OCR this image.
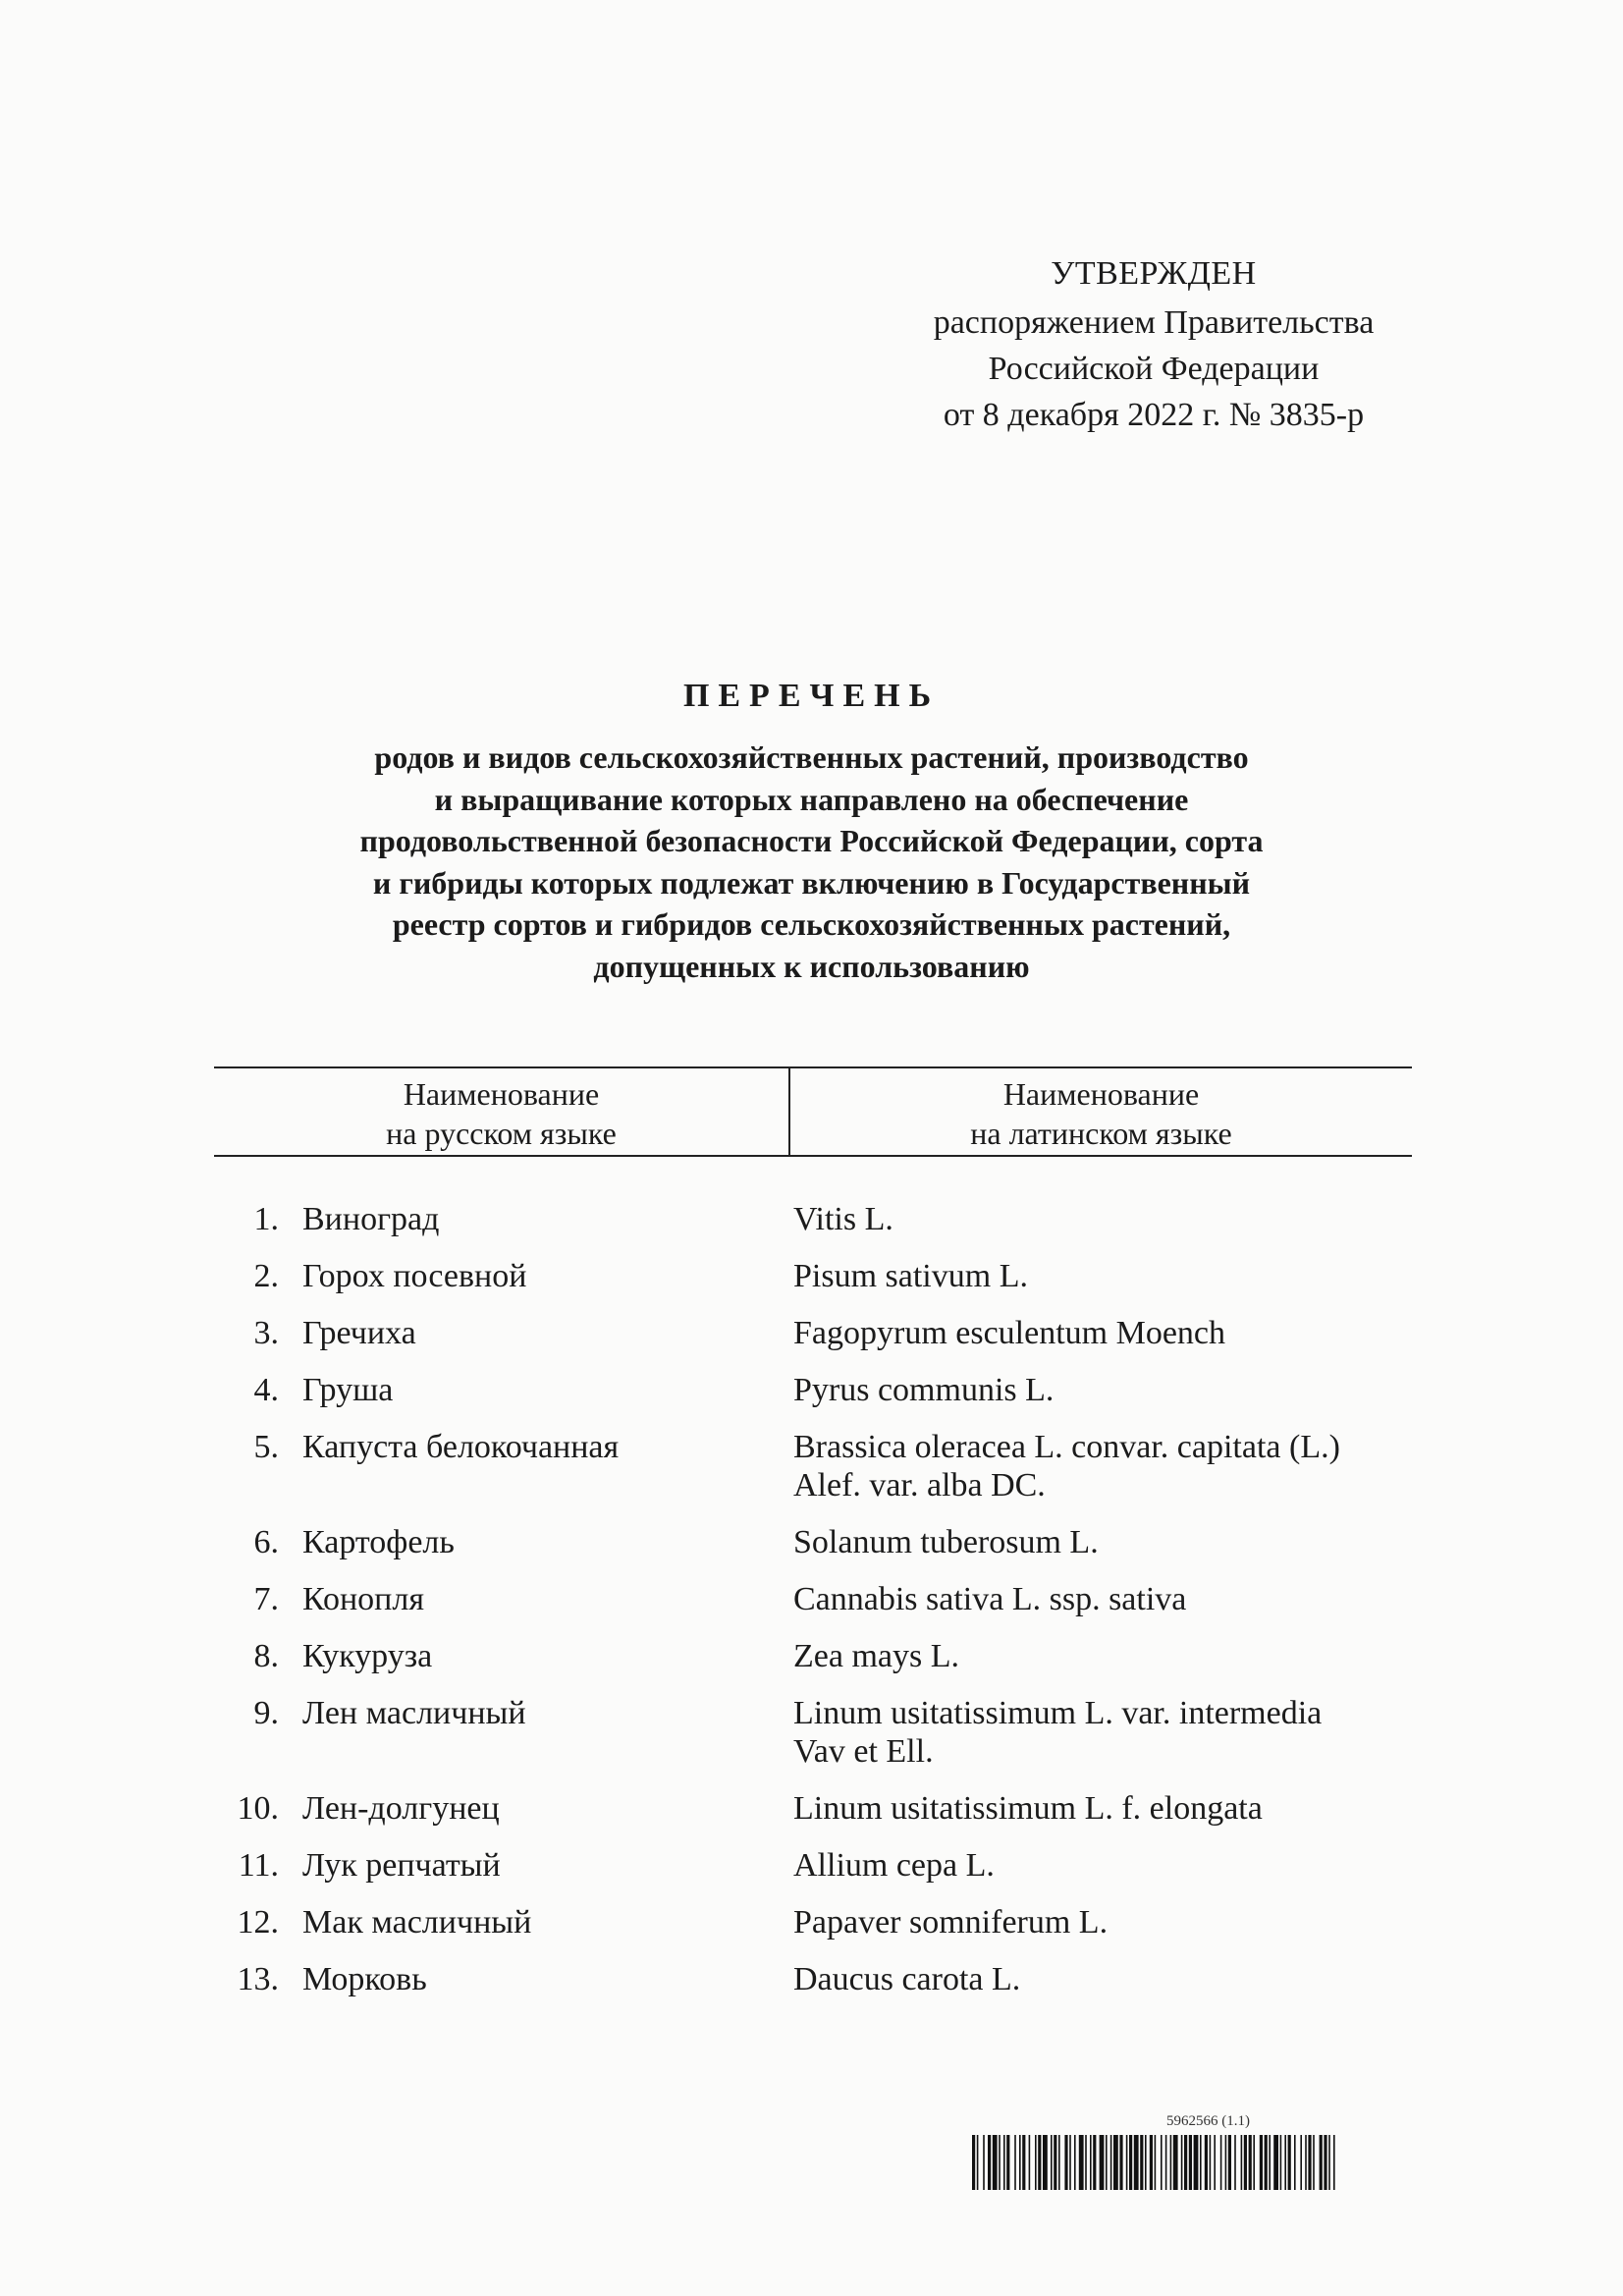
УТВЕРЖДЕН
распоряжением Правительства
Российской Федерации
от 8 декабря 2022 г. № 3835-р
ПЕРЕЧЕНЬ
родов и видов сельскохозяйственных растений, производство
и выращивание которых направлено на обеспечение
продовольственной безопасности Российской Федерации, сорта
и гибриды которых подлежат включению в Государственный
реестр сортов и гибридов сельскохозяйственных растений,
допущенных к использованию
Наименование
на русском языке
Наименование
на латинском языке
1. Виноград	Vitis L.
2. Горох посевной	Pisum sativum L.
3. Гречиха	Fagopyrum esculentum Moench
4. Груша	Pyrus communis L.
5. Капуста белокочанная	Brassica oleracea L. convar. capitata (L.)
Alef. var. alba DC.
6. Картофель	Solanum tuberosum L.
7. Конопля	Cannabis sativa L. ssp. sativa
8. Кукуруза	Zea mays L.
9. Лен масличный	Linum usitatissimum L. var. intermedia
Vav et Ell.
10. Лен-долгунец	Linum usitatissimum L. f. elongata
11. Лук репчатый	Allium cepa L.
12. Мак масличный	Papaver somniferum L.
13. Морковь	Daucus carota L.
5962566 (1.1)
